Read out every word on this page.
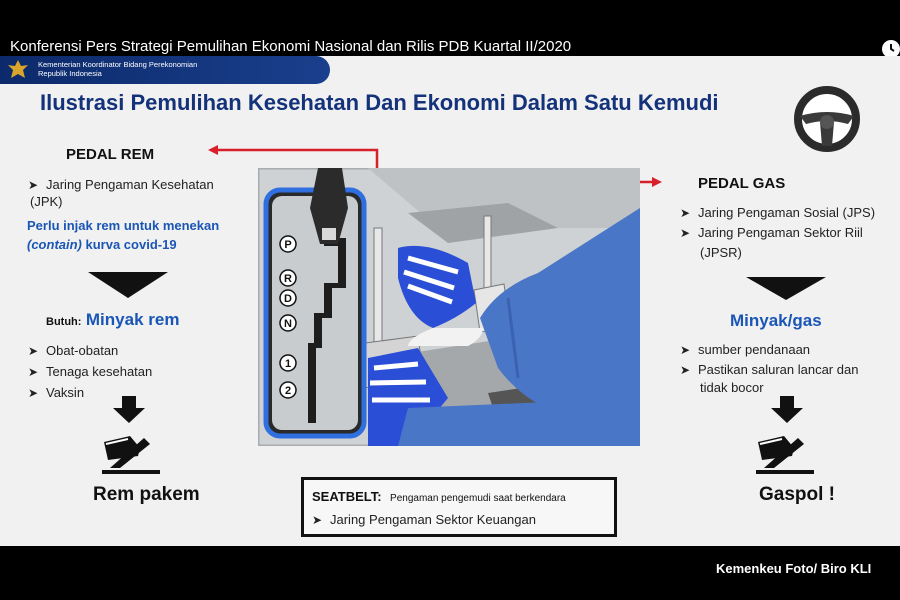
Konferensi Pers Strategi Pemulihan Ekonomi Nasional dan Rilis PDB Kuartal II/2020
Kementerian Koordinator Bidang Perekonomian
Republik Indonesia
Ilustrasi Pemulihan Kesehatan Dan Ekonomi Dalam Satu Kemudi
PEDAL REM
➤ Jaring Pengaman Kesehatan
(JPK)
Perlu injak rem untuk menekan
(contain) kurva covid-19
Butuh: Minyak rem
➤ Obat-obatan
➤ Tenaga kesehatan
➤ Vaksin
Rem pakem
P
R
D
N
1
2
PEDAL GAS
➤ Jaring Pengaman Sosial (JPS)
➤ Jaring Pengaman Sektor Riil
(JPSR)
Minyak/gas
➤ sumber pendanaan
➤ Pastikan saluran lancar dan
tidak bocor
Gaspol !
SEATBELT: Pengaman pengemudi saat berkendara
➤ Jaring Pengaman Sektor Keuangan
Kemenkeu Foto/ Biro KLI
